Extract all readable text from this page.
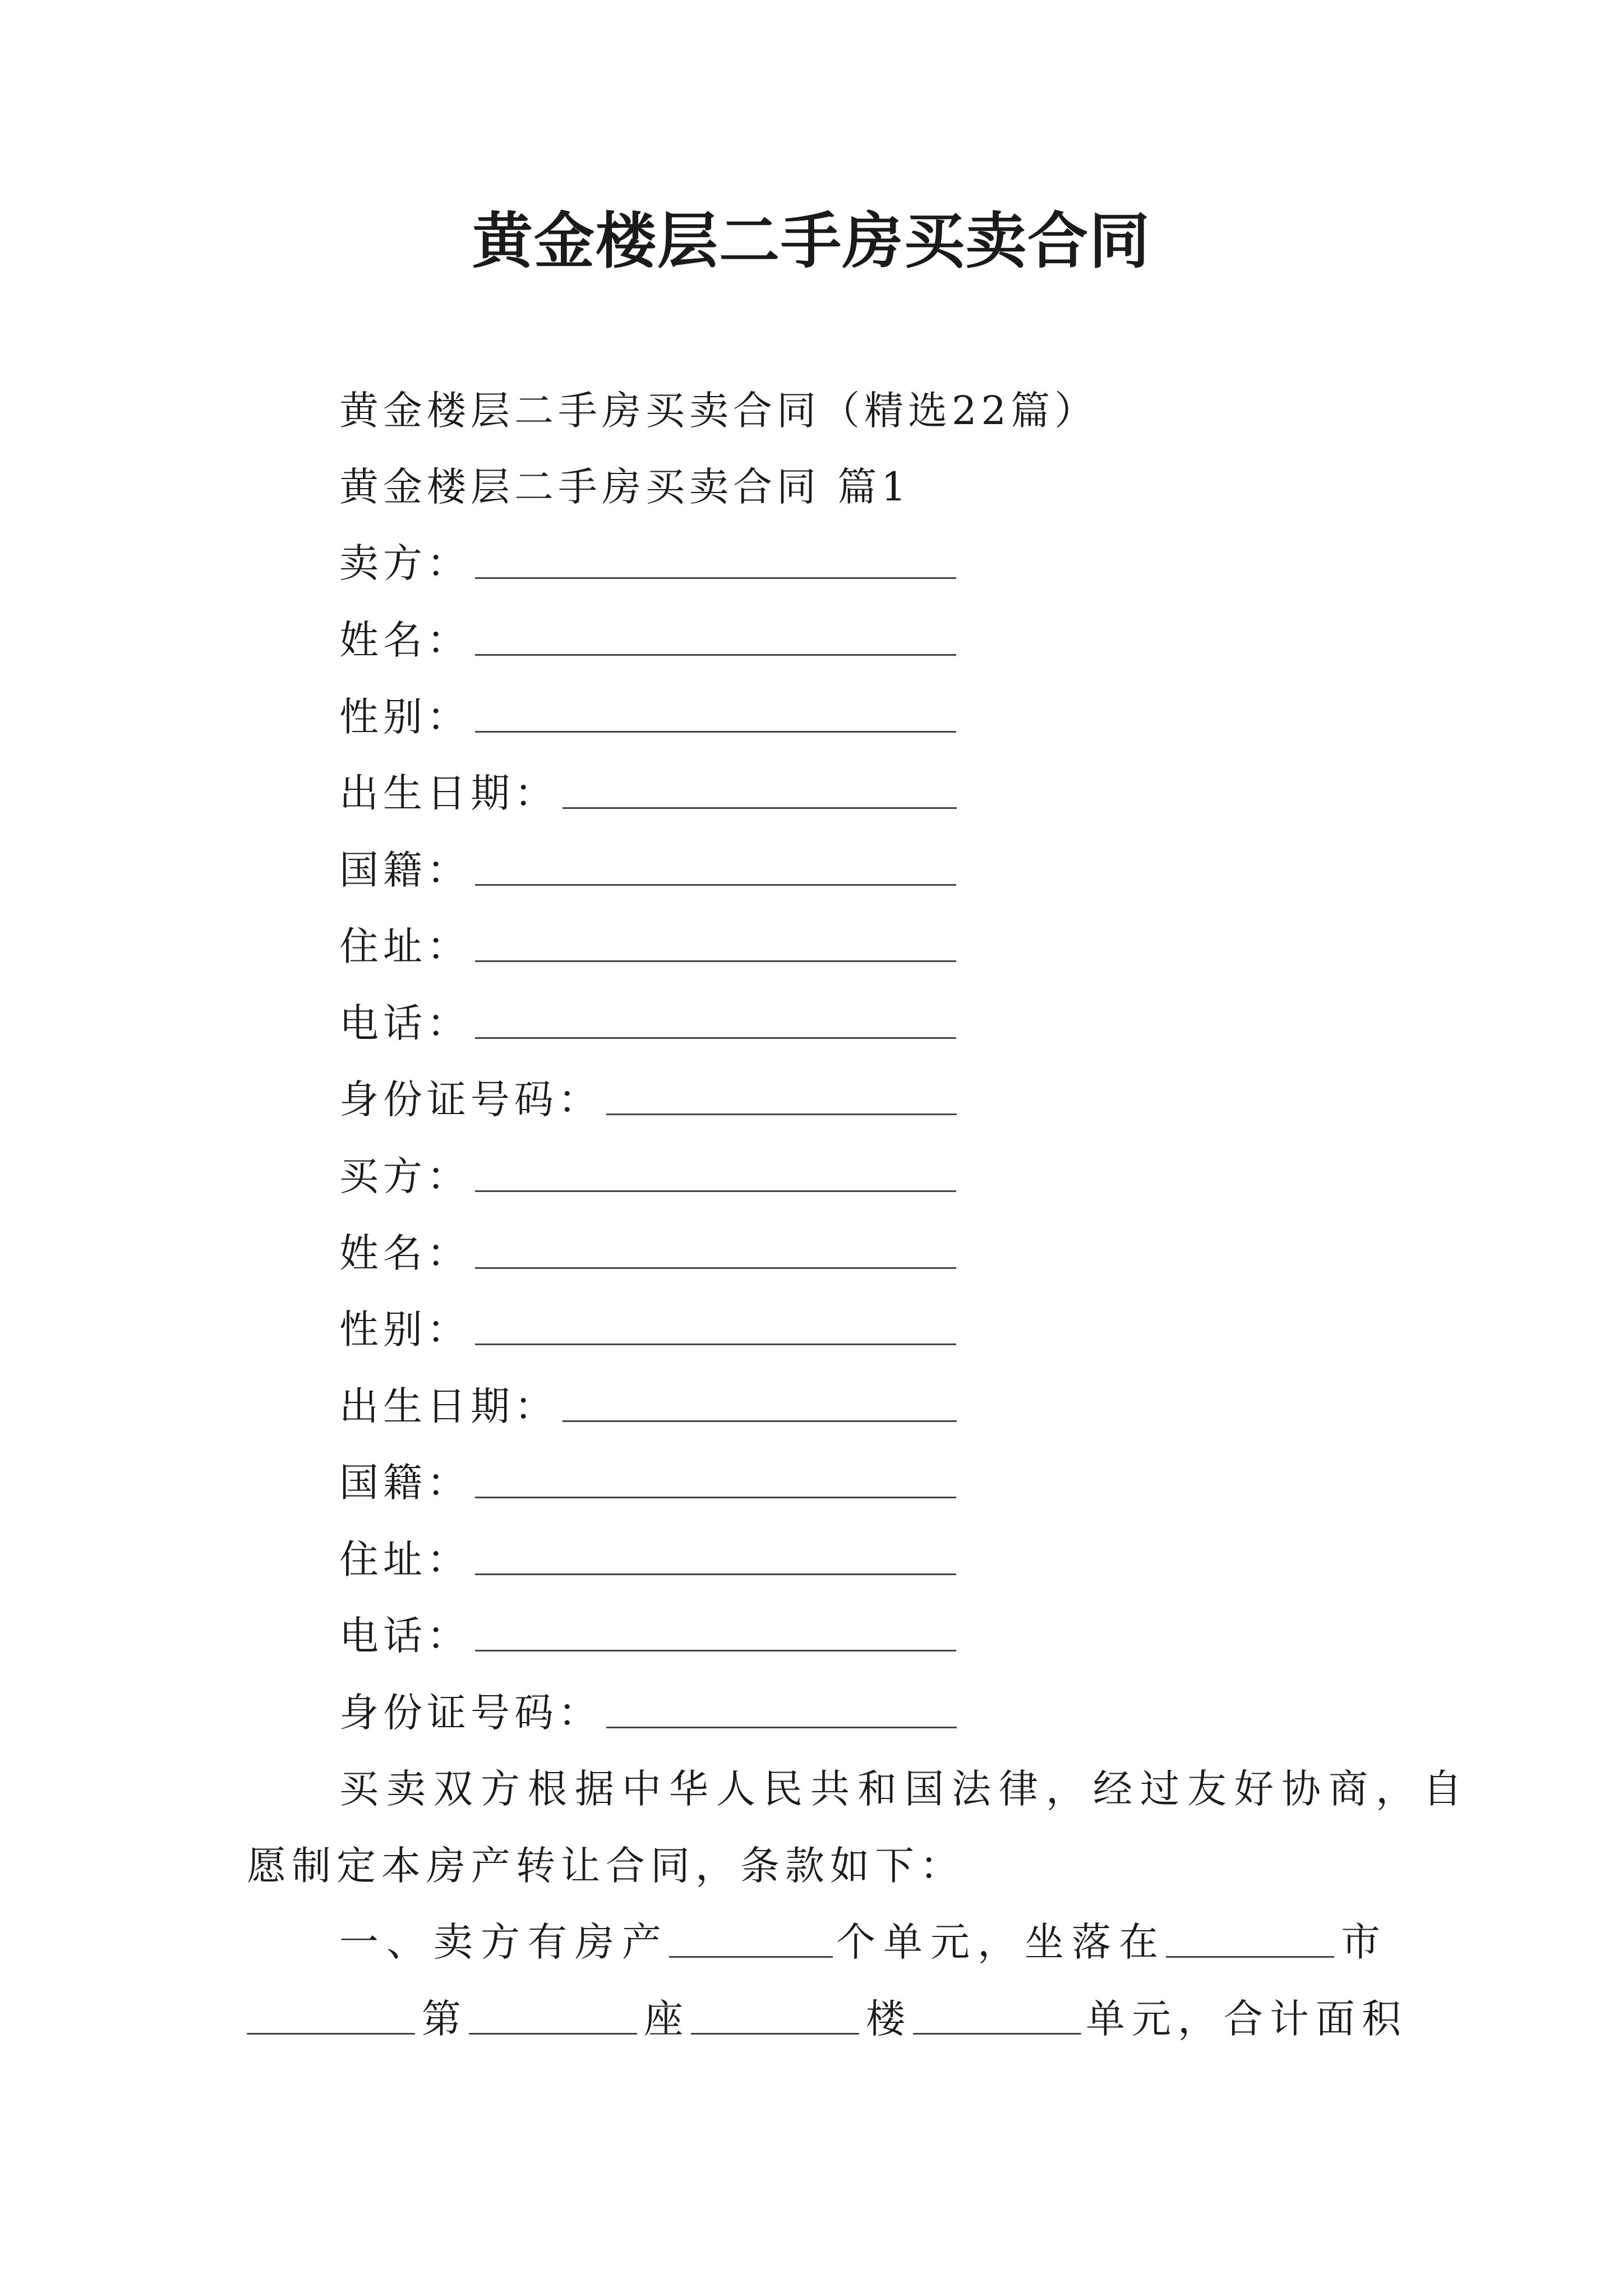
黄金楼层二手房买卖合同
黄金楼层二手房买卖合同（精选22篇）
黄金楼层二手房买卖合同 篇1
卖方：
姓名：
性别：
出生日期：
国籍：
住址：
电话：
身份证号码：
买方：
姓名：
性别：
出生日期：
国籍：
住址：
电话：
身份证号码：
买卖双方根据中华人民共和国法律，经过友好协商，自
愿制定本房产转让合同，条款如下：
一、卖方有房产	个单元，坐落在	市
第	座	楼	单元，合计面积
